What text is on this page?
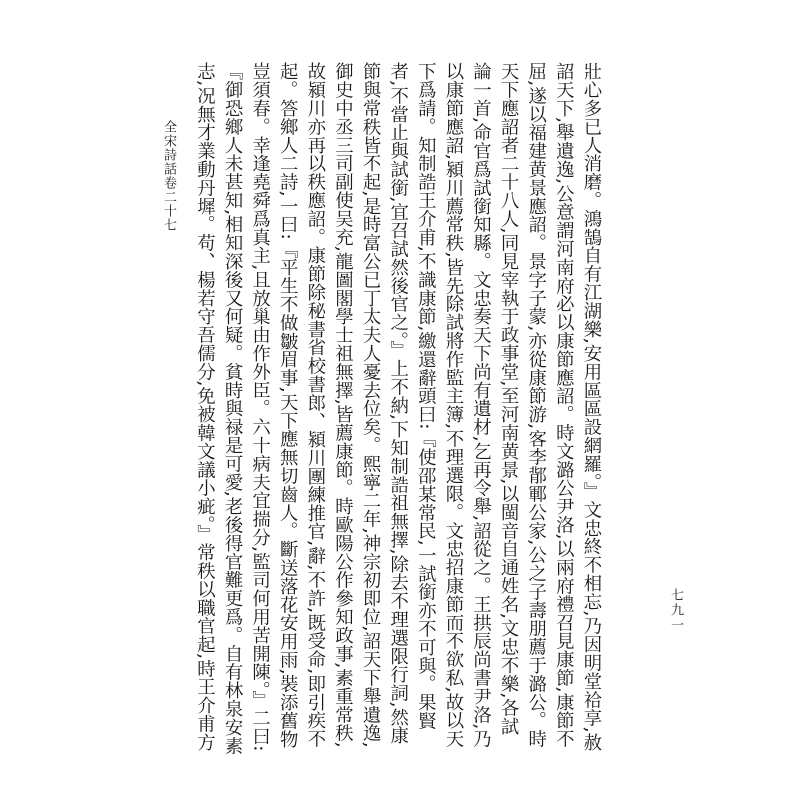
全宋詩話卷二十七	壯心多已人消磨。鴻鵠自有江湖樂,安用區區設網羅。』文忠終不相忘,乃因明堂祫享,赦
詔天下,舉遺逸,公意謂河南府必以康節應詔。時文潞公尹洛,以兩府禮召見康節,康節不
屈,遂以福建黄景應詔。景字子蒙,亦從康節游,客李鄁鄆公家,公之子壽朋薦于潞公。時
天下應詔者二十八人,同見宰執于政事堂,至河南黄景,以閩音自通姓名,文忠不樂,各試
論一首,命官爲試銜知縣。文忠奏天下尚有遺材,乞再令舉,詔從之。王拱辰尚書尹洛,乃
以康節應詔,潁川薦常秩,皆先除試將作監主簿,不理選限。文忠招康節而不欲私,故以天
下爲請。知制誥王介甫,不識康節,繳還辭頭曰:『使邵某常民,一試銜亦不可與。果賢
者,不當止與試銜,宜召試然後官之。』上不納,下知制誥祖無擇,除去不理選限行詞,然康
節與常秩皆不起,是時富公已丁太夫人憂去位矣。熙寧二年,神宗初即位,詔天下舉遺逸,
御史中丞三司副使吴充,龍圖閣學士祖無擇,皆薦康節。時歐陽公作參知政事,素重常秩,
故潁川亦再以秩應詔。康節除秘書省校書郎、潁川團練推官,辭,不許,既受命,即引疾不
起。答鄉人二詩,一曰:『平生不做皺眉事,天下應無切齒人。斷送落花安用雨,裝添舊物
豈須春。幸逢堯舜爲真主,且放巢由作外臣。六十病夫宜揣分,監司何用苦開陳。』二曰:
『御恐鄉人未甚知,相知深後又何疑。貧時與禄是可愛,老後得官難更爲。自有林泉安素
志,况無才業動丹墀。苟、楊若守吾儒分,免被韓文議小疵。』常秩以職官起,時王介甫方	七九一
